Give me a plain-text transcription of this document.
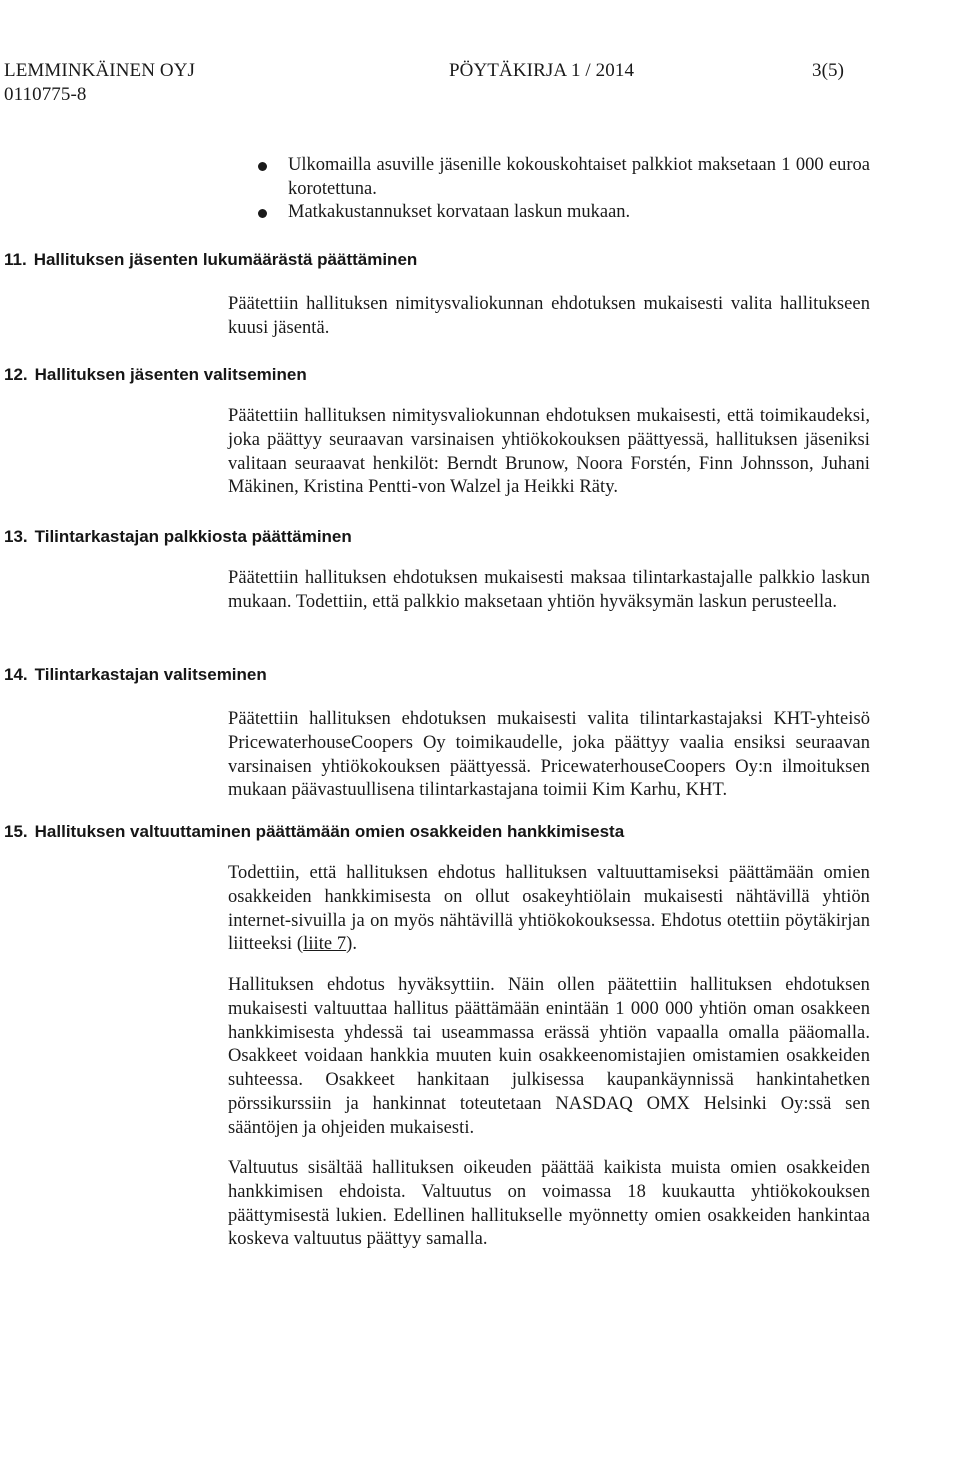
LEMMINKÄINEN OYJ
0110775-8
PÖYTÄKIRJA 1 / 2014	3(5)
Ulkomailla asuville jäsenille kokouskohtaiset palkkiot maksetaan 1 000 euroa korotettuna.
Matkakustannukset korvataan laskun mukaan.
11. Hallituksen jäsenten lukumäärästä päättäminen
Päätettiin hallituksen nimitysvaliokunnan ehdotuksen mukaisesti valita hallitukseen kuusi jäsentä.
12. Hallituksen jäsenten valitseminen
Päätettiin hallituksen nimitysvaliokunnan ehdotuksen mukaisesti, että toimikaudeksi, joka päättyy seuraavan varsinaisen yhtiökokouksen päättyessä, hallituksen jäseniksi valitaan seuraavat henkilöt: Berndt Brunow, Noora Forstén, Finn Johnsson, Juhani Mäkinen, Kristina Pentti-von Walzel ja Heikki Räty.
13. Tilintarkastajan palkkiosta päättäminen
Päätettiin hallituksen ehdotuksen mukaisesti maksaa tilintarkastajalle palkkio laskun mukaan. Todettiin, että palkkio maksetaan yhtiön hyväksymän laskun perusteella.
14. Tilintarkastajan valitseminen
Päätettiin hallituksen ehdotuksen mukaisesti valita tilintarkastajaksi KHT-yhteisö PricewaterhouseCoopers Oy toimikaudelle, joka päättyy vaalia ensiksi seuraavan varsinaisen yhtiökokouksen päättyessä. PricewaterhouseCoopers Oy:n ilmoituksen mukaan päävastuullisena tilintarkastajana toimii Kim Karhu, KHT.
15. Hallituksen valtuuttaminen päättämään omien osakkeiden hankkimisesta
Todettiin, että hallituksen ehdotus hallituksen valtuuttamiseksi päättämään omien osakkeiden hankkimisesta on ollut osakeyhtiölain mukaisesti nähtävillä yhtiön internet-sivuilla ja on myös nähtävillä yhtiökokouksessa. Ehdotus otettiin pöytäkirjan liitteeksi (liite 7).
Hallituksen ehdotus hyväksyttiin. Näin ollen päätettiin hallituksen ehdotuksen mukaisesti valtuuttaa hallitus päättämään enintään 1 000 000 yhtiön oman osakkeen hankkimisesta yhdessä tai useammassa erässä yhtiön vapaalla omalla pääomalla. Osakkeet voidaan hankkia muuten kuin osakkeenomistajien omistamien osakkeiden suhteessa. Osakkeet hankitaan julkisessa kaupankäynnissä hankintahetken pörssikurssiin ja hankinnat toteutetaan NASDAQ OMX Helsinki Oy:ssä sen sääntöjen ja ohjeiden mukaisesti.
Valtuutus sisältää hallituksen oikeuden päättää kaikista muista omien osakkeiden hankkimisen ehdoista. Valtuutus on voimassa 18 kuukautta yhtiökokouksen päättymisestä lukien. Edellinen hallitukselle myönnetty omien osakkeiden hankintaa koskeva valtuutus päättyy samalla.
